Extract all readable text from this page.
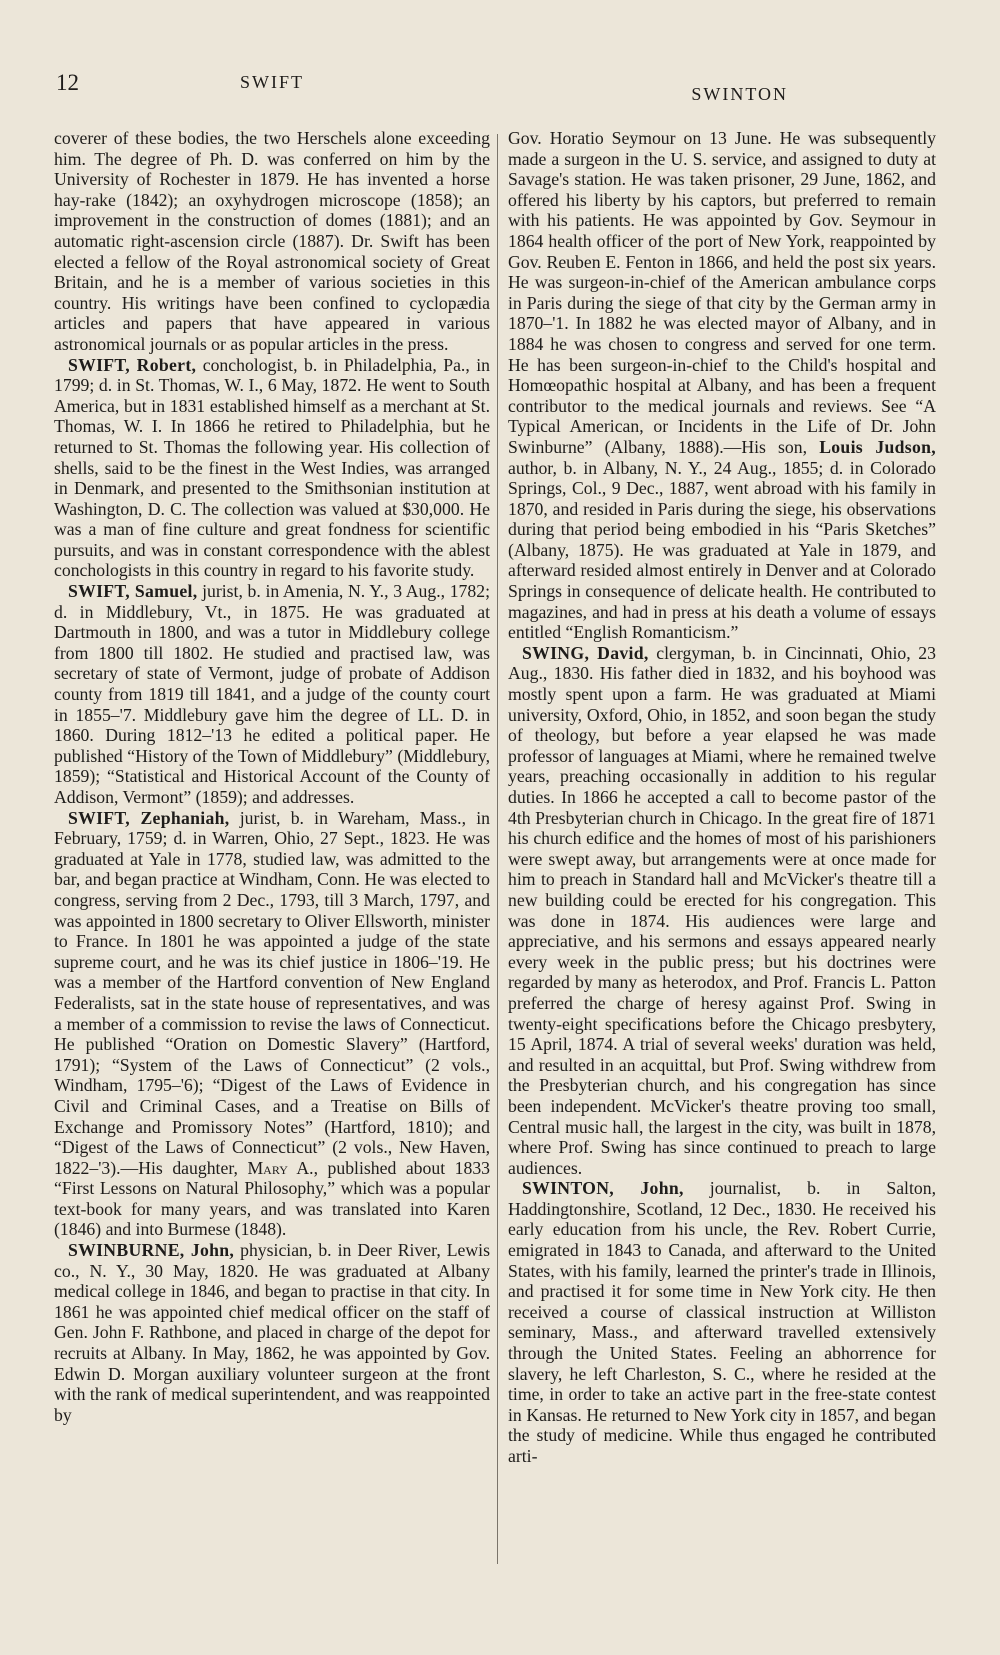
12	SWIFT
SWINTON

coverer of these bodies, the two Herschels alone exceeding him. The degree of Ph. D. was conferred on him by the University of Rochester in 1879. He has invented a horse hay-rake (1842); an oxyhydrogen microscope (1858); an improvement in the construction of domes (1881); and an automatic right-ascension circle (1887). Dr. Swift has been elected a fellow of the Royal astronomical society of Great Britain, and he is a member of various societies in this country. His writings have been confined to cyclopædia articles and papers that have appeared in various astronomical journals or as popular articles in the press.

SWIFT, Robert, conchologist, b. in Philadelphia, Pa., in 1799; d. in St. Thomas, W. I., 6 May, 1872. He went to South America, but in 1831 established himself as a merchant at St. Thomas, W. I. In 1866 he retired to Philadelphia, but he returned to St. Thomas the following year. His collection of shells, said to be the finest in the West Indies, was arranged in Denmark, and presented to the Smithsonian institution at Washington, D. C. The collection was valued at $30,000. He was a man of fine culture and great fondness for scientific pursuits, and was in constant correspondence with the ablest conchologists in this country in regard to his favorite study.

SWIFT, Samuel, jurist, b. in Amenia, N. Y., 3 Aug., 1782; d. in Middlebury, Vt., in 1875. He was graduated at Dartmouth in 1800, and was a tutor in Middlebury college from 1800 till 1802. He studied and practised law, was secretary of state of Vermont, judge of probate of Addison county from 1819 till 1841, and a judge of the county court in 1855–'7. Middlebury gave him the degree of LL. D. in 1860. During 1812–'13 he edited a political paper. He published “History of the Town of Middlebury” (Middlebury, 1859); “Statistical and Historical Account of the County of Addison, Vermont” (1859); and addresses.

SWIFT, Zephaniah, jurist, b. in Wareham, Mass., in February, 1759; d. in Warren, Ohio, 27 Sept., 1823. He was graduated at Yale in 1778, studied law, was admitted to the bar, and began practice at Windham, Conn. He was elected to congress, serving from 2 Dec., 1793, till 3 March, 1797, and was appointed in 1800 secretary to Oliver Ellsworth, minister to France. In 1801 he was appointed a judge of the state supreme court, and he was its chief justice in 1806–'19. He was a member of the Hartford convention of New England Federalists, sat in the state house of representatives, and was a member of a commission to revise the laws of Connecticut. He published “Oration on Domestic Slavery” (Hartford, 1791); “System of the Laws of Connecticut” (2 vols., Windham, 1795–'6); “Digest of the Laws of Evidence in Civil and Criminal Cases, and a Treatise on Bills of Exchange and Promissory Notes” (Hartford, 1810); and “Digest of the Laws of Connecticut” (2 vols., New Haven, 1822–'3).—His daughter, Mary A., published about 1833 “First Lessons on Natural Philosophy,” which was a popular text-book for many years, and was translated into Karen (1846) and into Burmese (1848).

SWINBURNE, John, physician, b. in Deer River, Lewis co., N. Y., 30 May, 1820. He was graduated at Albany medical college in 1846, and began to practise in that city. In 1861 he was appointed chief medical officer on the staff of Gen. John F. Rathbone, and placed in charge of the depot for recruits at Albany. In May, 1862, he was appointed by Gov. Edwin D. Morgan auxiliary volunteer surgeon at the front with the rank of medical superintendent, and was reappointed by

Gov. Horatio Seymour on 13 June. He was subsequently made a surgeon in the U. S. service, and assigned to duty at Savage's station. He was taken prisoner, 29 June, 1862, and offered his liberty by his captors, but preferred to remain with his patients. He was appointed by Gov. Seymour in 1864 health officer of the port of New York, reappointed by Gov. Reuben E. Fenton in 1866, and held the post six years. He was surgeon-in-chief of the American ambulance corps in Paris during the siege of that city by the German army in 1870–'1. In 1882 he was elected mayor of Albany, and in 1884 he was chosen to congress and served for one term. He has been surgeon-in-chief to the Child's hospital and Homœopathic hospital at Albany, and has been a frequent contributor to the medical journals and reviews. See “A Typical American, or Incidents in the Life of Dr. John Swinburne” (Albany, 1888).—His son, Louis Judson, author, b. in Albany, N. Y., 24 Aug., 1855; d. in Colorado Springs, Col., 9 Dec., 1887, went abroad with his family in 1870, and resided in Paris during the siege, his observations during that period being embodied in his “Paris Sketches” (Albany, 1875). He was graduated at Yale in 1879, and afterward resided almost entirely in Denver and at Colorado Springs in consequence of delicate health. He contributed to magazines, and had in press at his death a volume of essays entitled “English Romanticism.”

SWING, David, clergyman, b. in Cincinnati, Ohio, 23 Aug., 1830. His father died in 1832, and his boyhood was mostly spent upon a farm. He was graduated at Miami university, Oxford, Ohio, in 1852, and soon began the study of theology, but before a year elapsed he was made professor of languages at Miami, where he remained twelve years, preaching occasionally in addition to his regular duties. In 1866 he accepted a call to become pastor of the 4th Presbyterian church in Chicago. In the great fire of 1871 his church edifice and the homes of most of his parishioners were swept away, but arrangements were at once made for him to preach in Standard hall and McVicker's theatre till a new building could be erected for his congregation. This was done in 1874. His audiences were large and appreciative, and his sermons and essays appeared nearly every week in the public press; but his doctrines were regarded by many as heterodox, and Prof. Francis L. Patton preferred the charge of heresy against Prof. Swing in twenty-eight specifications before the Chicago presbytery, 15 April, 1874. A trial of several weeks' duration was held, and resulted in an acquittal, but Prof. Swing withdrew from the Presbyterian church, and his congregation has since been independent. McVicker's theatre proving too small, Central music hall, the largest in the city, was built in 1878, where Prof. Swing has since continued to preach to large audiences.

SWINTON, John, journalist, b. in Salton, Haddingtonshire, Scotland, 12 Dec., 1830. He received his early education from his uncle, the Rev. Robert Currie, emigrated in 1843 to Canada, and afterward to the United States, with his family, learned the printer's trade in Illinois, and practised it for some time in New York city. He then received a course of classical instruction at Williston seminary, Mass., and afterward travelled extensively through the United States. Feeling an abhorrence for slavery, he left Charleston, S. C., where he resided at the time, in order to take an active part in the free-state contest in Kansas. He returned to New York city in 1857, and began the study of medicine. While thus engaged he contributed arti-
